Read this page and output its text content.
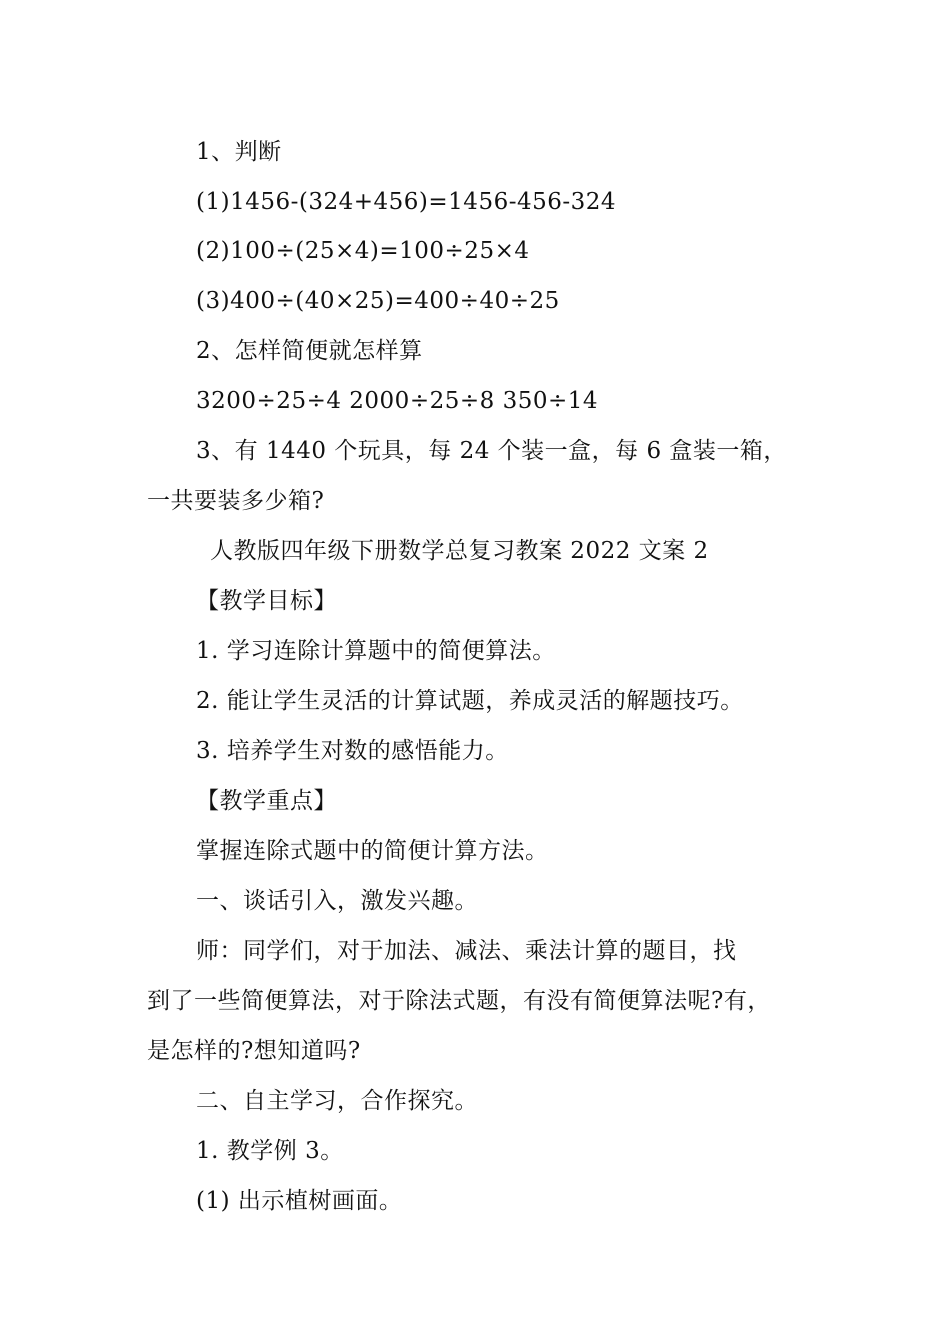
1、判断
(1)1456-(324+456)=1456-456-324
(2)100÷(25×4)=100÷25×4
(3)400÷(40×25)=400÷40÷25
2、怎样简便就怎样算
3200÷25÷4 2000÷25÷8 350÷14
3、有 1440 个玩具，每 24 个装一盒，每 6 盒装一箱，
一共要装多少箱?
人教版四年级下册数学总复习教案 2022 文案 2
【教学目标】
1. 学习连除计算题中的简便算法。
2. 能让学生灵活的计算试题，养成灵活的解题技巧。
3. 培养学生对数的感悟能力。
【教学重点】
掌握连除式题中的简便计算方法。
一、谈话引入，激发兴趣。
师：同学们，对于加法、减法、乘法计算的题目，找
到了一些简便算法，对于除法式题，有没有简便算法呢?有，
是怎样的?想知道吗?
二、自主学习，合作探究。
1. 教学例 3。
(1) 出示植树画面。
